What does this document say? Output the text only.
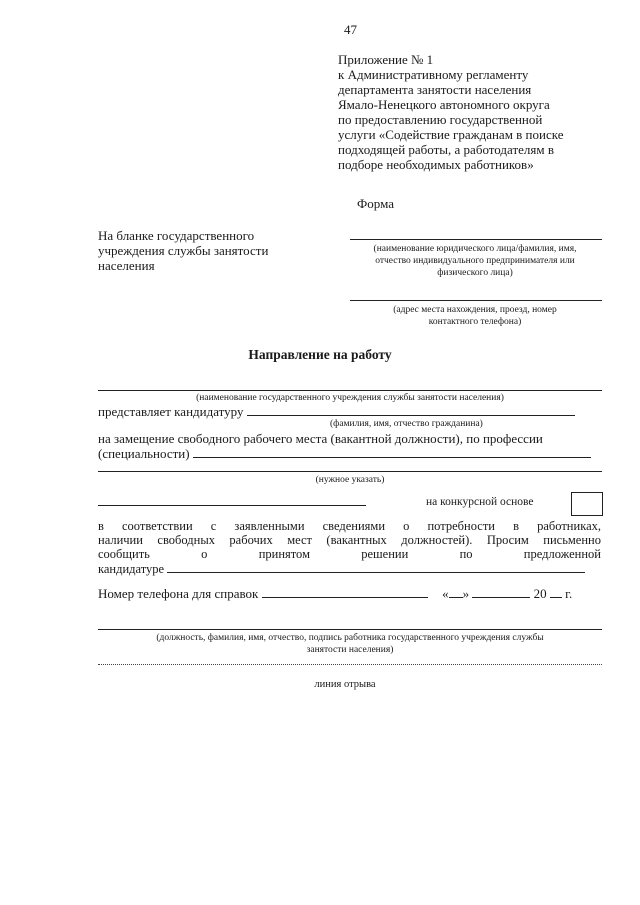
47
Приложение № 1
к Административному регламенту
департамента занятости населения
Ямало-Ненецкого автономного округа
по предоставлению государственной
услуги «Содействие гражданам в поиске
подходящей работы, а работодателям в
подборе необходимых работников»
Форма
На бланке государственного
учреждения службы занятости
населения
(наименование юридического лица/фамилия, имя,
отчество индивидуального предпринимателя или
физического лица)
(адрес места нахождения, проезд, номер
контактного телефона)
Направление на работу
(наименование государственного учреждения службы занятости населения)
представляет кандидатуру
(фамилия, имя, отчество гражданина)
на замещение свободного рабочего места (вакантной должности), по профессии
(специальности)
(нужное указать)
на конкурсной основе
в соответствии с заявленными сведениями о потребности в работниках,
наличии свободных рабочих мест (вакантных должностей). Просим письменно
сообщить о принятом решении по предложенной
кандидатуре
Номер телефона для справок	« »	20 г.
(должность, фамилия, имя, отчество, подпись работника государственного учреждения службы
занятости населения)
линия отрыва
